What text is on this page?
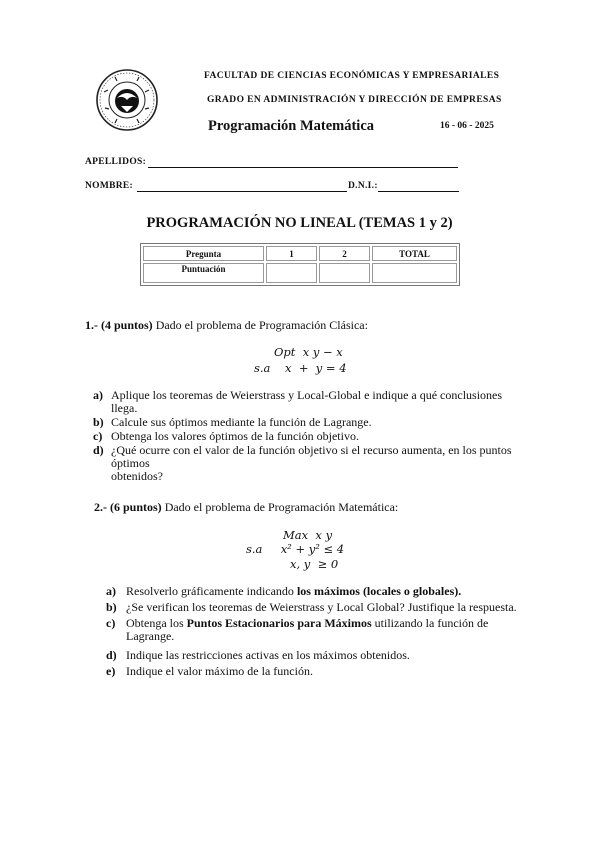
FACULTAD DE CIENCIAS ECONÓMICAS Y EMPRESARIALES
GRADO EN ADMINISTRACIÓN Y DIRECCIÓN DE EMPRESAS
Programación Matemática	16 - 06 - 2025
APELLIDOS:
NOMBRE:	D.N.I.:
PROGRAMACIÓN NO LINEAL (TEMAS 1 y 2)
Pregunta	1	2	TOTAL
Puntuación			
1.- (4 puntos) Dado el problema de Programación Clásica:
Opt  x y − x
s.a    x  +  y = 4
a) Aplique los teoremas de Weierstrass y Local-Global e indique a qué conclusiones
llega.
b) Calcule sus óptimos mediante la función de Lagrange.
c) Obtenga los valores óptimos de la función objetivo.
d) ¿Qué ocurre con el valor de la función objetivo si el recurso aumenta, en los puntos
óptimos obtenidos?
2.- (6 puntos) Dado el problema de Programación Matemática:
Max  x y
s.a     x² + y² ≤ 4
x, y  ≥ 0
a) Resolverlo gráficamente indicando los máximos (locales o globales).
b) ¿Se verifican los teoremas de Weierstrass y Local Global? Justifique la respuesta.
c) Obtenga los Puntos Estacionarios para Máximos utilizando la función de
Lagrange.
d) Indique las restricciones activas en los máximos obtenidos.
e) Indique el valor máximo de la función.
